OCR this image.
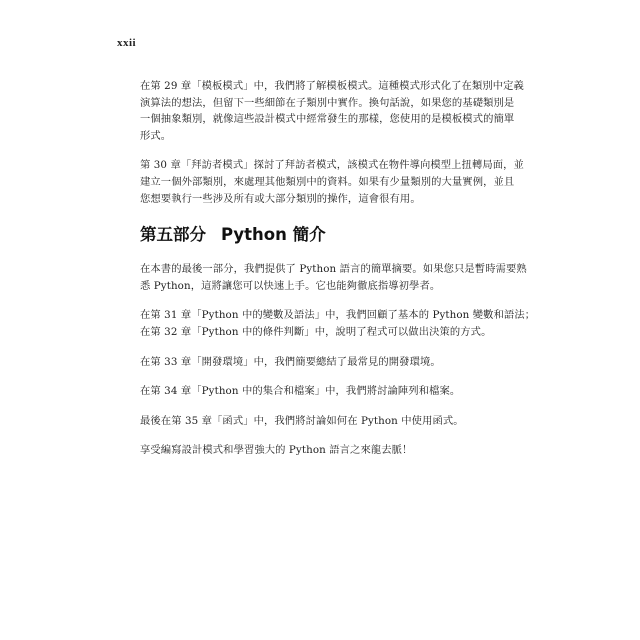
xxii

在第 29 章「模板模式」中，我們將了解模板模式。這種模式形式化了在類別中定義
演算法的想法，但留下一些細節在子類別中實作。換句話說，如果您的基礎類別是
一個抽象類別，就像這些設計模式中經常發生的那樣，您使用的是模板模式的簡單
形式。

第 30 章「拜訪者模式」探討了拜訪者模式，該模式在物件導向模型上扭轉局面，並
建立一個外部類別，來處理其他類別中的資料。如果有少量類別的大量實例，並且
您想要執行一些涉及所有或大部分類別的操作，這會很有用。

第五部分 Python 簡介

在本書的最後一部分，我們提供了 Python 語言的簡單摘要。如果您只是暫時需要熟
悉 Python，這將讓您可以快速上手。它也能夠徹底指導初學者。

在第 31 章「Python 中的變數及語法」中，我們回顧了基本的 Python 變數和語法；
在第 32 章「Python 中的條件判斷」中，說明了程式可以做出決策的方式。

在第 33 章「開發環境」中，我們簡要總結了最常見的開發環境。

在第 34 章「Python 中的集合和檔案」中，我們將討論陣列和檔案。

最後在第 35 章「函式」中，我們將討論如何在 Python 中使用函式。

享受編寫設計模式和學習強大的 Python 語言之來龍去脈！
